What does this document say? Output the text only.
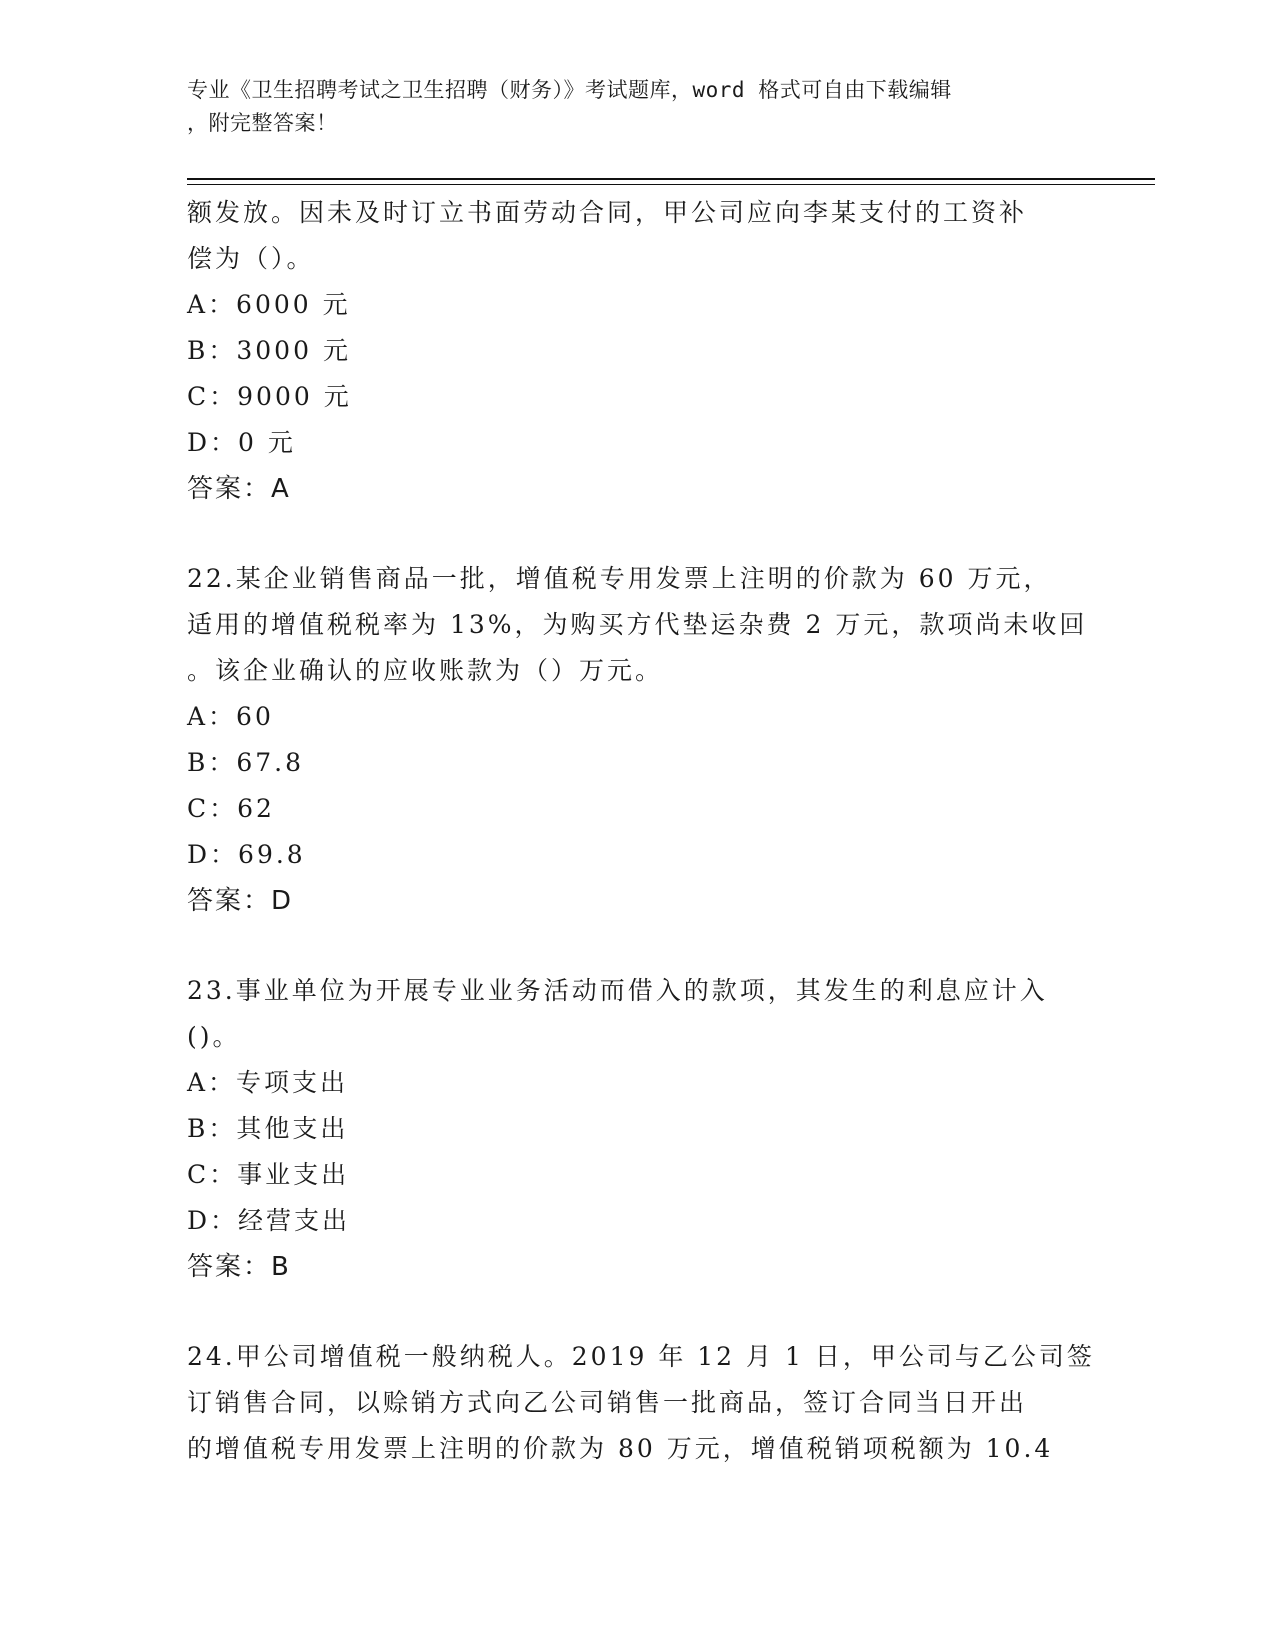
专业《卫生招聘考试之卫生招聘（财务）》考试题库，word 格式可自由下载编辑
，附完整答案！
额发放。因未及时订立书面劳动合同，甲公司应向李某支付的工资补
偿为（）。
A：6000 元
B：3000 元
C：9000 元
D：0 元
答案：A
22.某企业销售商品一批，增值税专用发票上注明的价款为 60 万元，
适用的增值税税率为 13%，为购买方代垫运杂费 2 万元，款项尚未收回
。该企业确认的应收账款为（）万元。
A：60
B：67.8
C：62
D：69.8
答案：D
23.事业单位为开展专业业务活动而借入的款项，其发生的利息应计入
()。
A：专项支出
B：其他支出
C：事业支出
D：经营支出
答案：B
24.甲公司增值税一般纳税人。2019 年 12 月 1 日，甲公司与乙公司签
订销售合同，以赊销方式向乙公司销售一批商品，签订合同当日开出
的增值税专用发票上注明的价款为 80 万元，增值税销项税额为 10.4
